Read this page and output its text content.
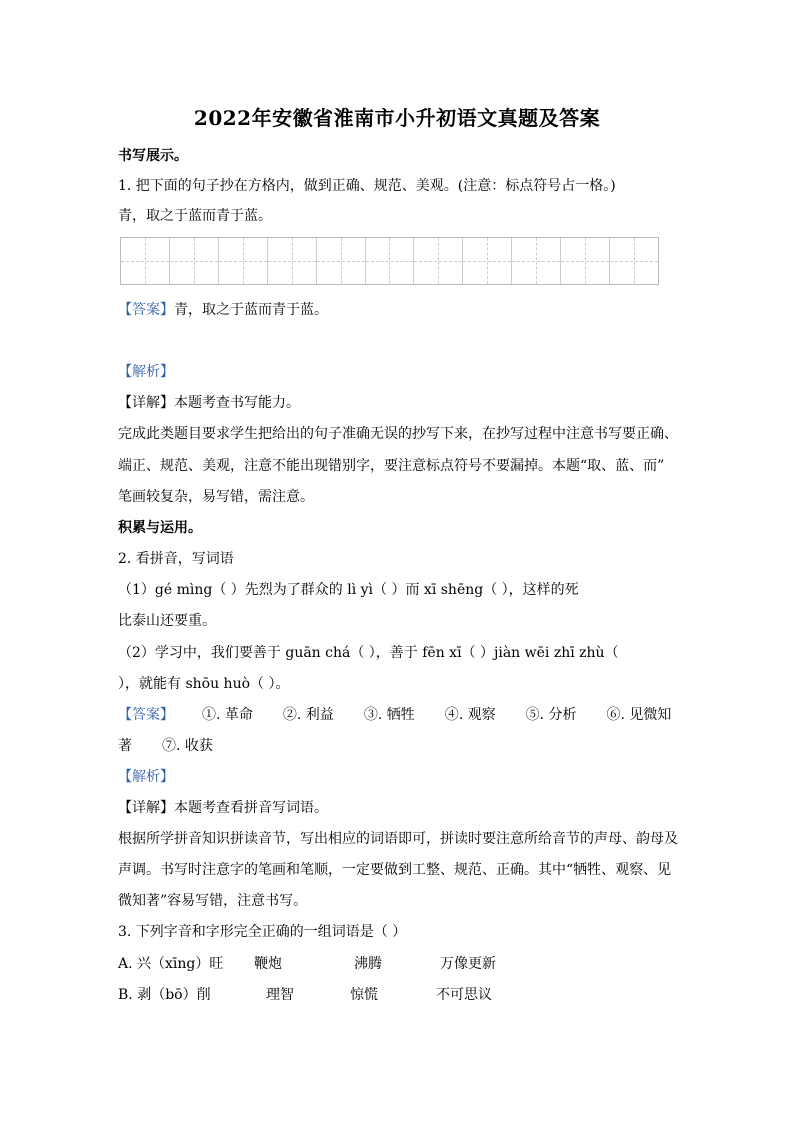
2022年安徽省淮南市小升初语文真题及答案
书写展示。
1. 把下面的句子抄在方格内，做到正确、规范、美观。(注意：标点符号占一格。)
青，取之于蓝而青于蓝。
【答案】青，取之于蓝而青于蓝。
【解析】
【详解】本题考查书写能力。
完成此类题目要求学生把给出的句子准确无误的抄写下来，在抄写过程中注意书写要正确、
端正、规范、美观，注意不能出现错别字，要注意标点符号不要漏掉。本题“取、蓝、而”
笔画较复杂，易写错，需注意。
积累与运用。
2. 看拼音，写词语
（1）gé mìng（ ）先烈为了群众的 lì yì（ ）而 xī shēng（ ），这样的死
比泰山还要重。
（2）学习中，我们要善于 guān chá（ ），善于 fēn xī（ ）jiàn wēi zhī zhù（
），就能有 shōu huò（ ）。
【答案】 ①. 革命 ②. 利益 ③. 牺牲 ④. 观察 ⑤. 分析 ⑥. 见微知
著 ⑦. 收获
【解析】
【详解】本题考查看拼音写词语。
根据所学拼音知识拼读音节，写出相应的词语即可，拼读时要注意所给音节的声母、韵母及
声调。书写时注意字的笔画和笔顺，一定要做到工整、规范、正确。其中“牺牲、观察、见
微知著”容易写错，注意书写。
3. 下列字音和字形完全正确的一组词语是（ ）
A. 兴（xīng）旺 鞭炮	沸腾	万像更新
B. 剥（bō）削	理智	惊慌	不可思议
